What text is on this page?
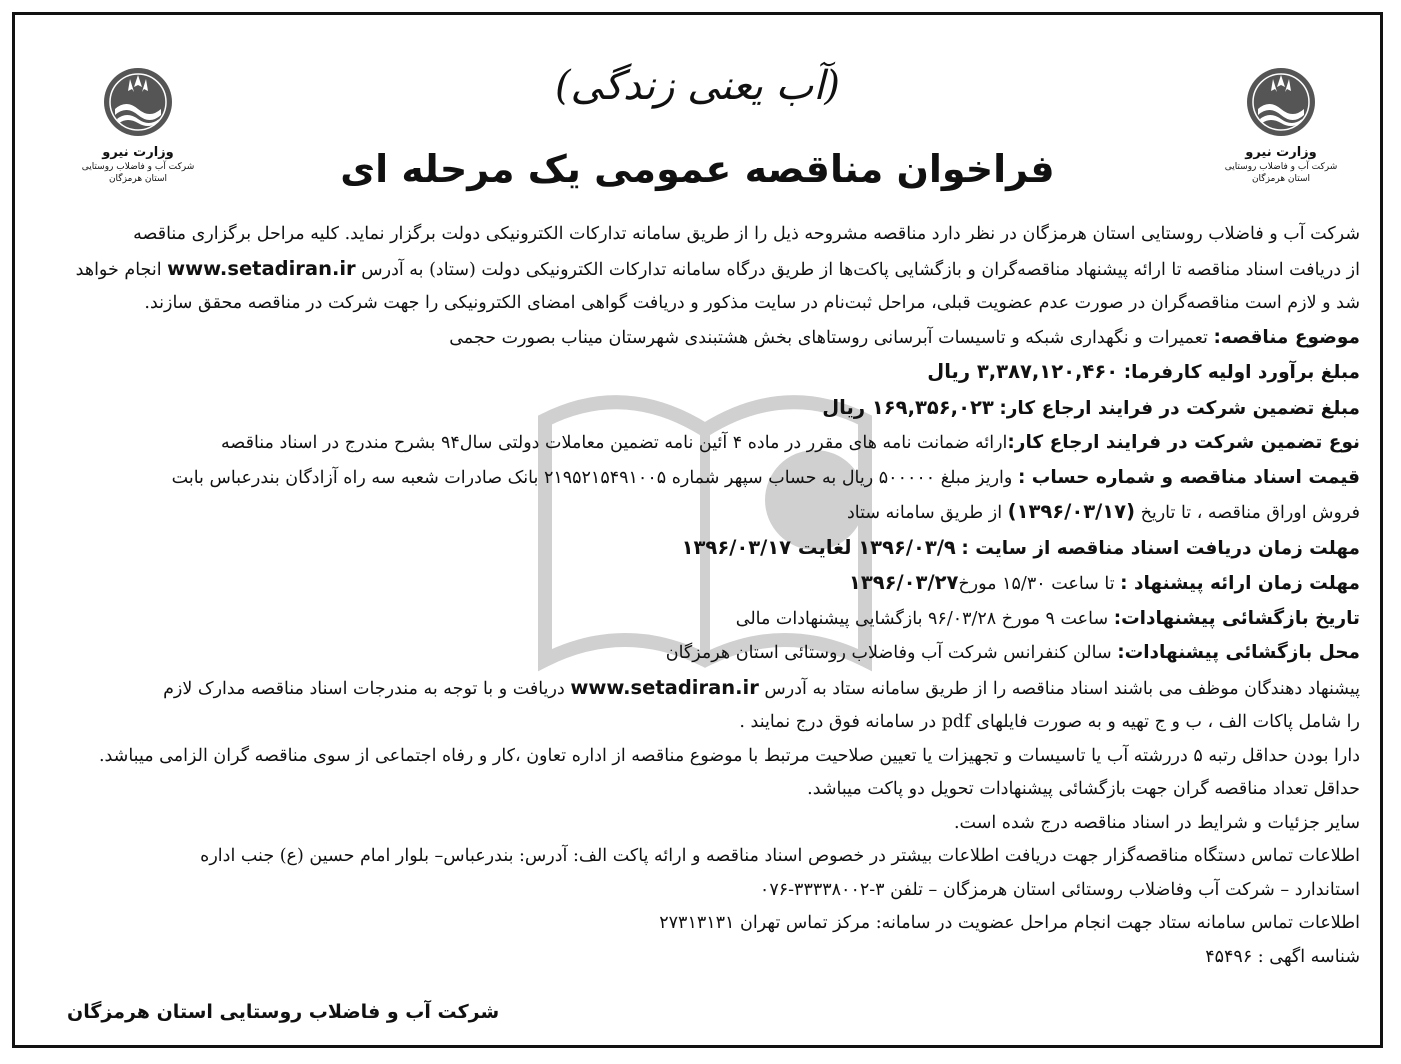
وزارت نیرو
شرکت آب و فاضلاب روستایی
استان هرمزگان
وزارت نیرو
شرکت آب و فاضلاب روستایی
استان هرمزگان
(آب یعنی زندگی)
فراخوان مناقصه عمومی یک مرحله ای
شرکت آب و فاضلاب روستایی استان هرمزگان در نظر دارد مناقصه مشروحه ذیل را از طریق سامانه تدارکات الکترونیکی دولت برگزار نماید. کلیه مراحل برگزاری مناقصه
از دریافت اسناد مناقصه تا ارائه پیشنهاد مناقصه‌گران و بازگشایی پاکت‌ها از طریق درگاه سامانه تدارکات الکترونیکی دولت (ستاد) به آدرس www.setadiran.ir انجام خواهد
شد و لازم است مناقصه‌گران در صورت عدم عضویت قبلی، مراحل ثبت‌نام در سایت مذکور و دریافت گواهی امضای الکترونیکی را جهت شرکت در مناقصه محقق سازند.
موضوع مناقصه: تعمیرات و نگهداری شبکه و تاسیسات آبرسانی روستاهای بخش هشتبندی شهرستان میناب بصورت حجمی
مبلغ برآورد اولیه کارفرما: ۳,۳۸۷,۱۲۰,۴۶۰ ریال
مبلغ تضمین شرکت در فرایند ارجاع کار: ۱۶۹,۳۵۶,۰۲۳ ریال
نوع تضمین شرکت در فرایند ارجاع کار:ارائه ضمانت نامه های مقرر در ماده ۴ آئین نامه تضمین معاملات دولتی سال۹۴ بشرح مندرج در اسناد مناقصه
قیمت اسناد مناقصه و شماره حساب : واریز مبلغ ۵۰۰۰۰۰ ریال به حساب سپهر شماره ۲۱۹۵۲۱۵۴۹۱۰۰۵ بانک صادرات شعبه سه راه آزادگان بندرعباس بابت
فروش اوراق مناقصه ، تا تاریخ (۱۳۹۶/۰۳/۱۷) از طریق سامانه ستاد
مهلت زمان دریافت اسناد مناقصه از سایت : ۱۳۹۶/۰۳/۹ لغایت ۱۳۹۶/۰۳/۱۷
مهلت زمان ارائه پیشنهاد : تا ساعت ۱۵/۳۰ مورخ۱۳۹۶/۰۳/۲۷
تاریخ بازگشائی پیشنهادات: ساعت ۹ مورخ ۹۶/۰۳/۲۸ بازگشایی پیشنهادات مالی
محل بازگشائی پیشنهادات: سالن کنفرانس شرکت آب وفاضلاب روستائی استان هرمزگان
پیشنهاد دهندگان موظف می باشند اسناد مناقصه را از طریق سامانه ستاد به آدرس www.setadiran.ir دریافت و با توجه به مندرجات اسناد مناقصه مدارک لازم
را شامل پاکات الف ، ب و ج تهیه و به صورت فایلهای pdf در سامانه فوق درج نمایند .
دارا بودن حداقل رتبه ۵ دررشته آب یا تاسیسات و تجهیزات یا تعیین صلاحیت مرتبط با موضوع مناقصه از اداره تعاون ،کار و رفاه اجتماعی از سوی مناقصه گران الزامی میباشد.
حداقل تعداد مناقصه گران جهت بازگشائی پیشنهادات تحویل دو پاکت میباشد.
سایر جزئیات و شرایط در اسناد مناقصه درج شده است.
اطلاعات تماس دستگاه مناقصه‌گزار جهت دریافت اطلاعات بیشتر در خصوص اسناد مناقصه و ارائه پاکت الف: آدرس: بندرعباس– بلوار امام حسین (ع) جنب اداره
استاندارد – شرکت آب وفاضلاب روستائی استان هرمزگان – تلفن ۳-۳۳۳۳۸۰۰۲-۰۷۶
اطلاعات تماس سامانه ستاد جهت انجام مراحل عضویت در سامانه: مرکز تماس تهران ۲۷۳۱۳۱۳۱
شناسه اگهی : ۴۵۴۹۶
شرکت آب و فاضلاب روستایی استان هرمزگان
